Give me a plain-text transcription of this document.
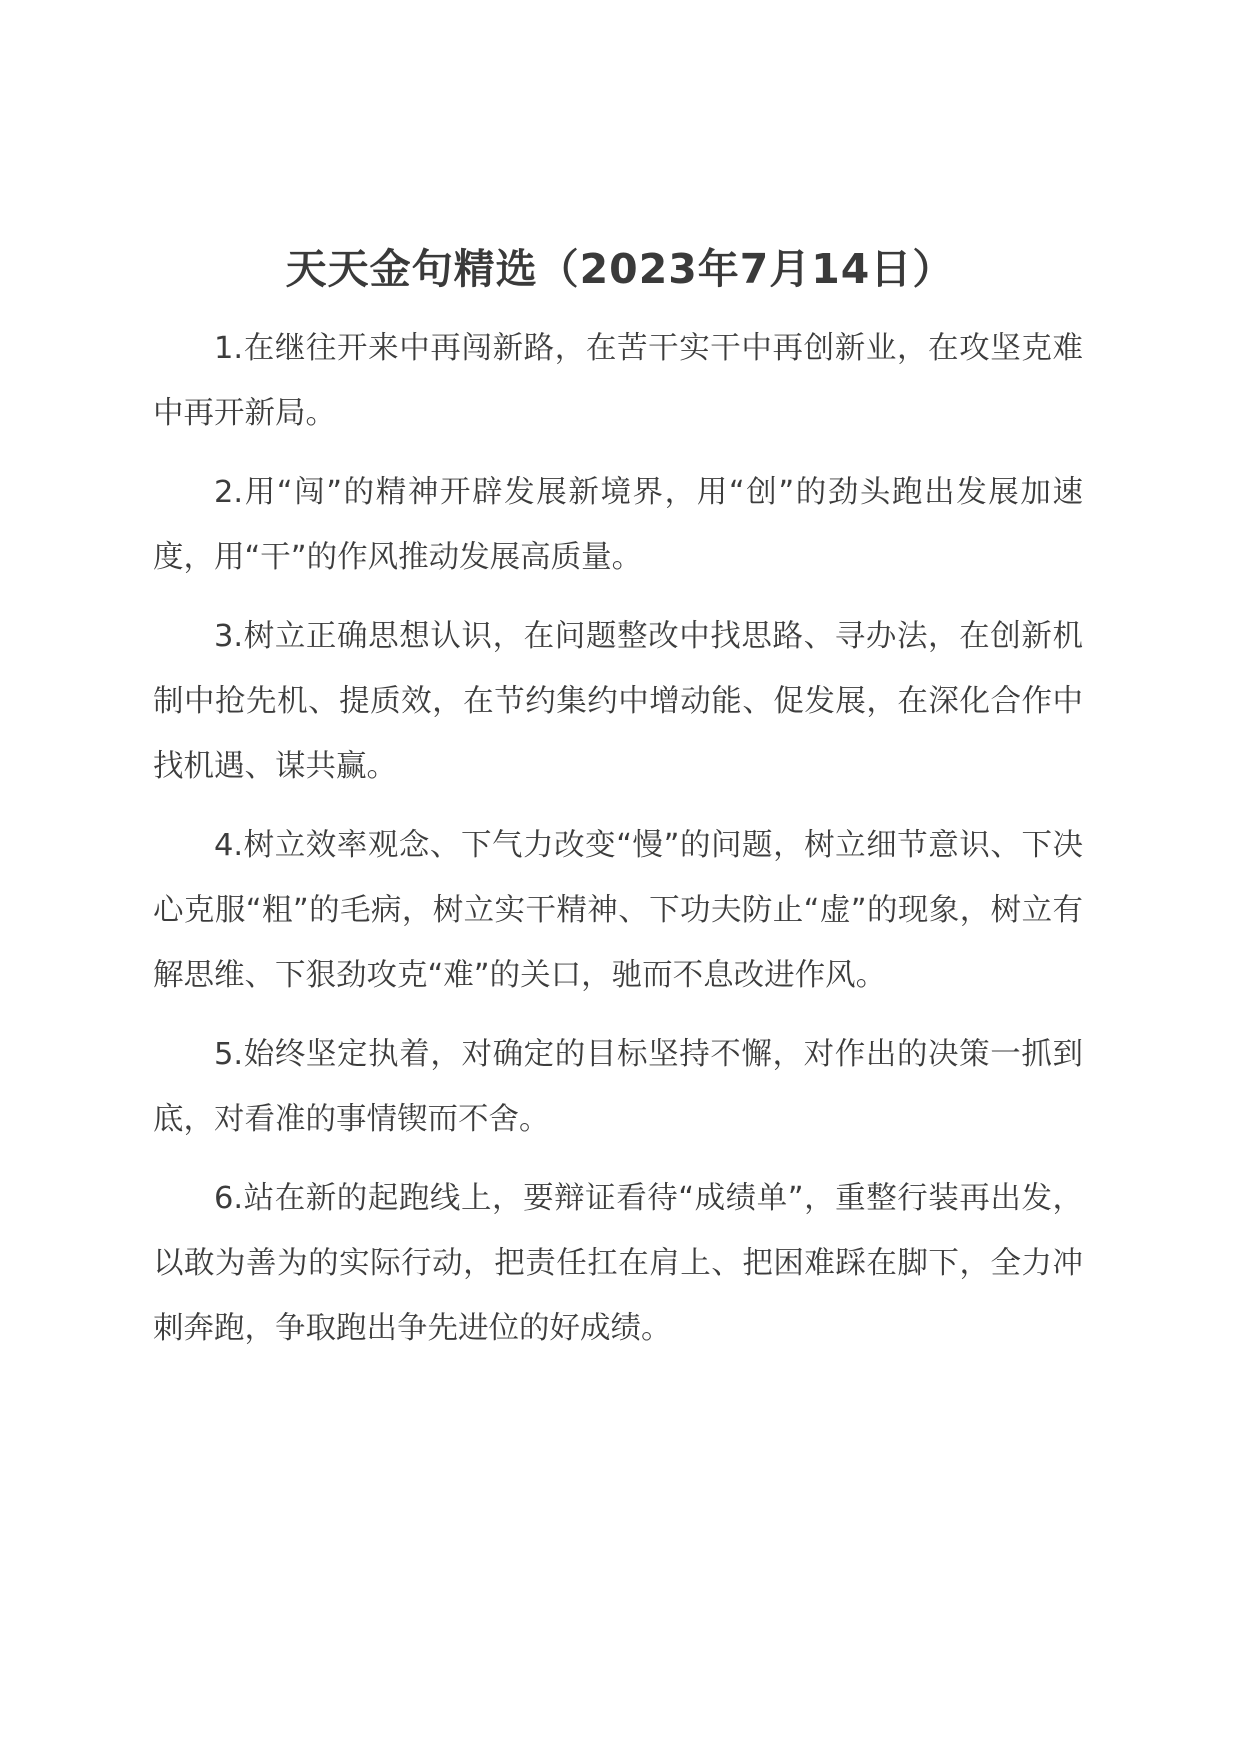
天天金句精选（2023年7月14日）

1.在继往开来中再闯新路，在苦干实干中再创新业，在攻坚克难中再开新局。

2.用“闯”的精神开辟发展新境界，用“创”的劲头跑出发展加速度，用“干”的作风推动发展高质量。

3.树立正确思想认识，在问题整改中找思路、寻办法，在创新机制中抢先机、提质效，在节约集约中增动能、促发展，在深化合作中找机遇、谋共赢。

4.树立效率观念、下气力改变“慢”的问题，树立细节意识、下决心克服“粗”的毛病，树立实干精神、下功夫防止“虚”的现象，树立有解思维、下狠劲攻克“难”的关口，驰而不息改进作风。

5.始终坚定执着，对确定的目标坚持不懈，对作出的决策一抓到底，对看准的事情锲而不舍。

6.站在新的起跑线上，要辩证看待“成绩单”，重整行装再出发，以敢为善为的实际行动，把责任扛在肩上、把困难踩在脚下，全力冲刺奔跑，争取跑出争先进位的好成绩。
